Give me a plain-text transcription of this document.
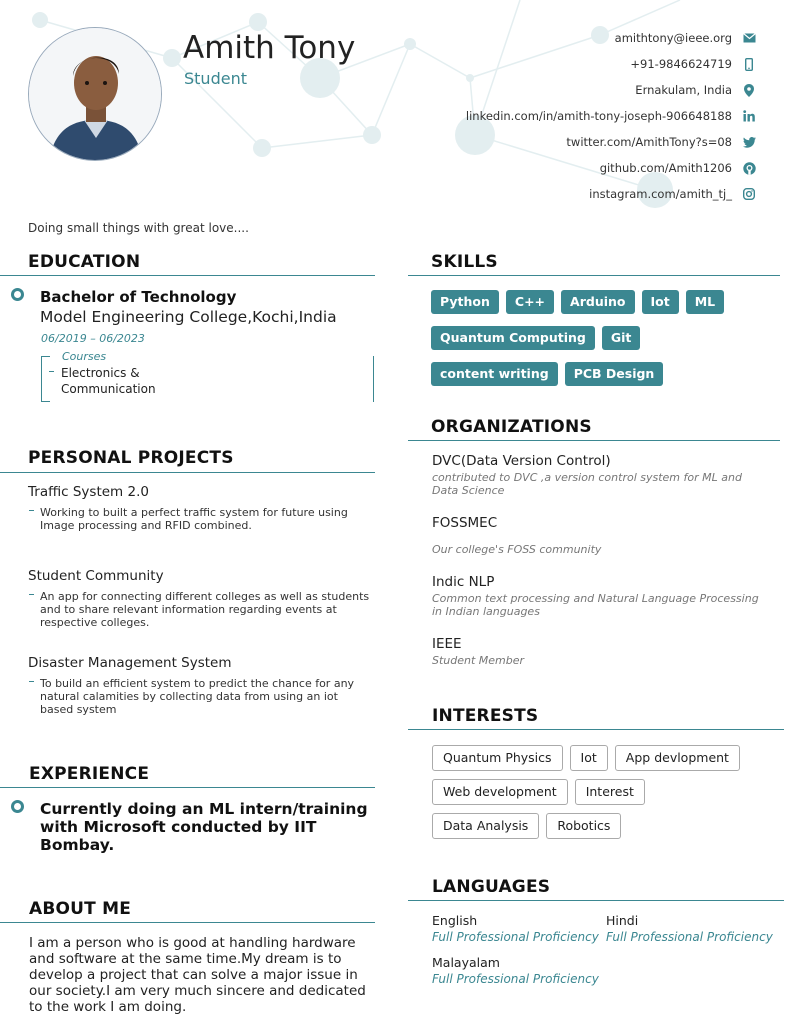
Amith Tony
Student
amithtony@ieee.org
+91-9846624719
Ernakulam, India
linkedin.com/in/amith-tony-joseph-906648188
twitter.com/AmithTony?s=08
github.com/Amith1206
instagram.com/amith_tj_
Doing small things with great love....
EDUCATION
Bachelor of Technology
Model Engineering College,Kochi,India
06/2019 – 06/2023
Courses
Electronics & Communication
PERSONAL PROJECTS
Traffic System 2.0
Working to built a perfect traffic system for future using Image processing and RFID combined.
Student Community
An app for connecting different colleges as well as students and to share relevant information regarding events at respective colleges.
Disaster Management System
To build an efficient system to predict the chance for any natural calamities by collecting data from using an iot based system
EXPERIENCE
Currently doing an ML intern/training with Microsoft conducted by IIT Bombay.
ABOUT ME
I am a person who is good at handling hardware and software at the same time.My dream is to develop a project that can solve a major issue in our society.I am very much sincere and dedicated to the work I am doing.
SKILLS
Python	C++	Arduino	Iot	ML
Quantum Computing	Git
content writing	PCB Design
ORGANIZATIONS
DVC(Data Version Control)
contributed to DVC ,a version control system for ML and Data Science
FOSSMEC
Our college's FOSS community
Indic NLP
Common text processing and Natural Language Processing in Indian languages
IEEE
Student Member
INTERESTS
Quantum Physics	Iot	App devlopment
Web development	Interest
Data Analysis	Robotics
LANGUAGES
English
Full Professional Proficiency
Hindi
Full Professional Proficiency
Malayalam
Full Professional Proficiency
